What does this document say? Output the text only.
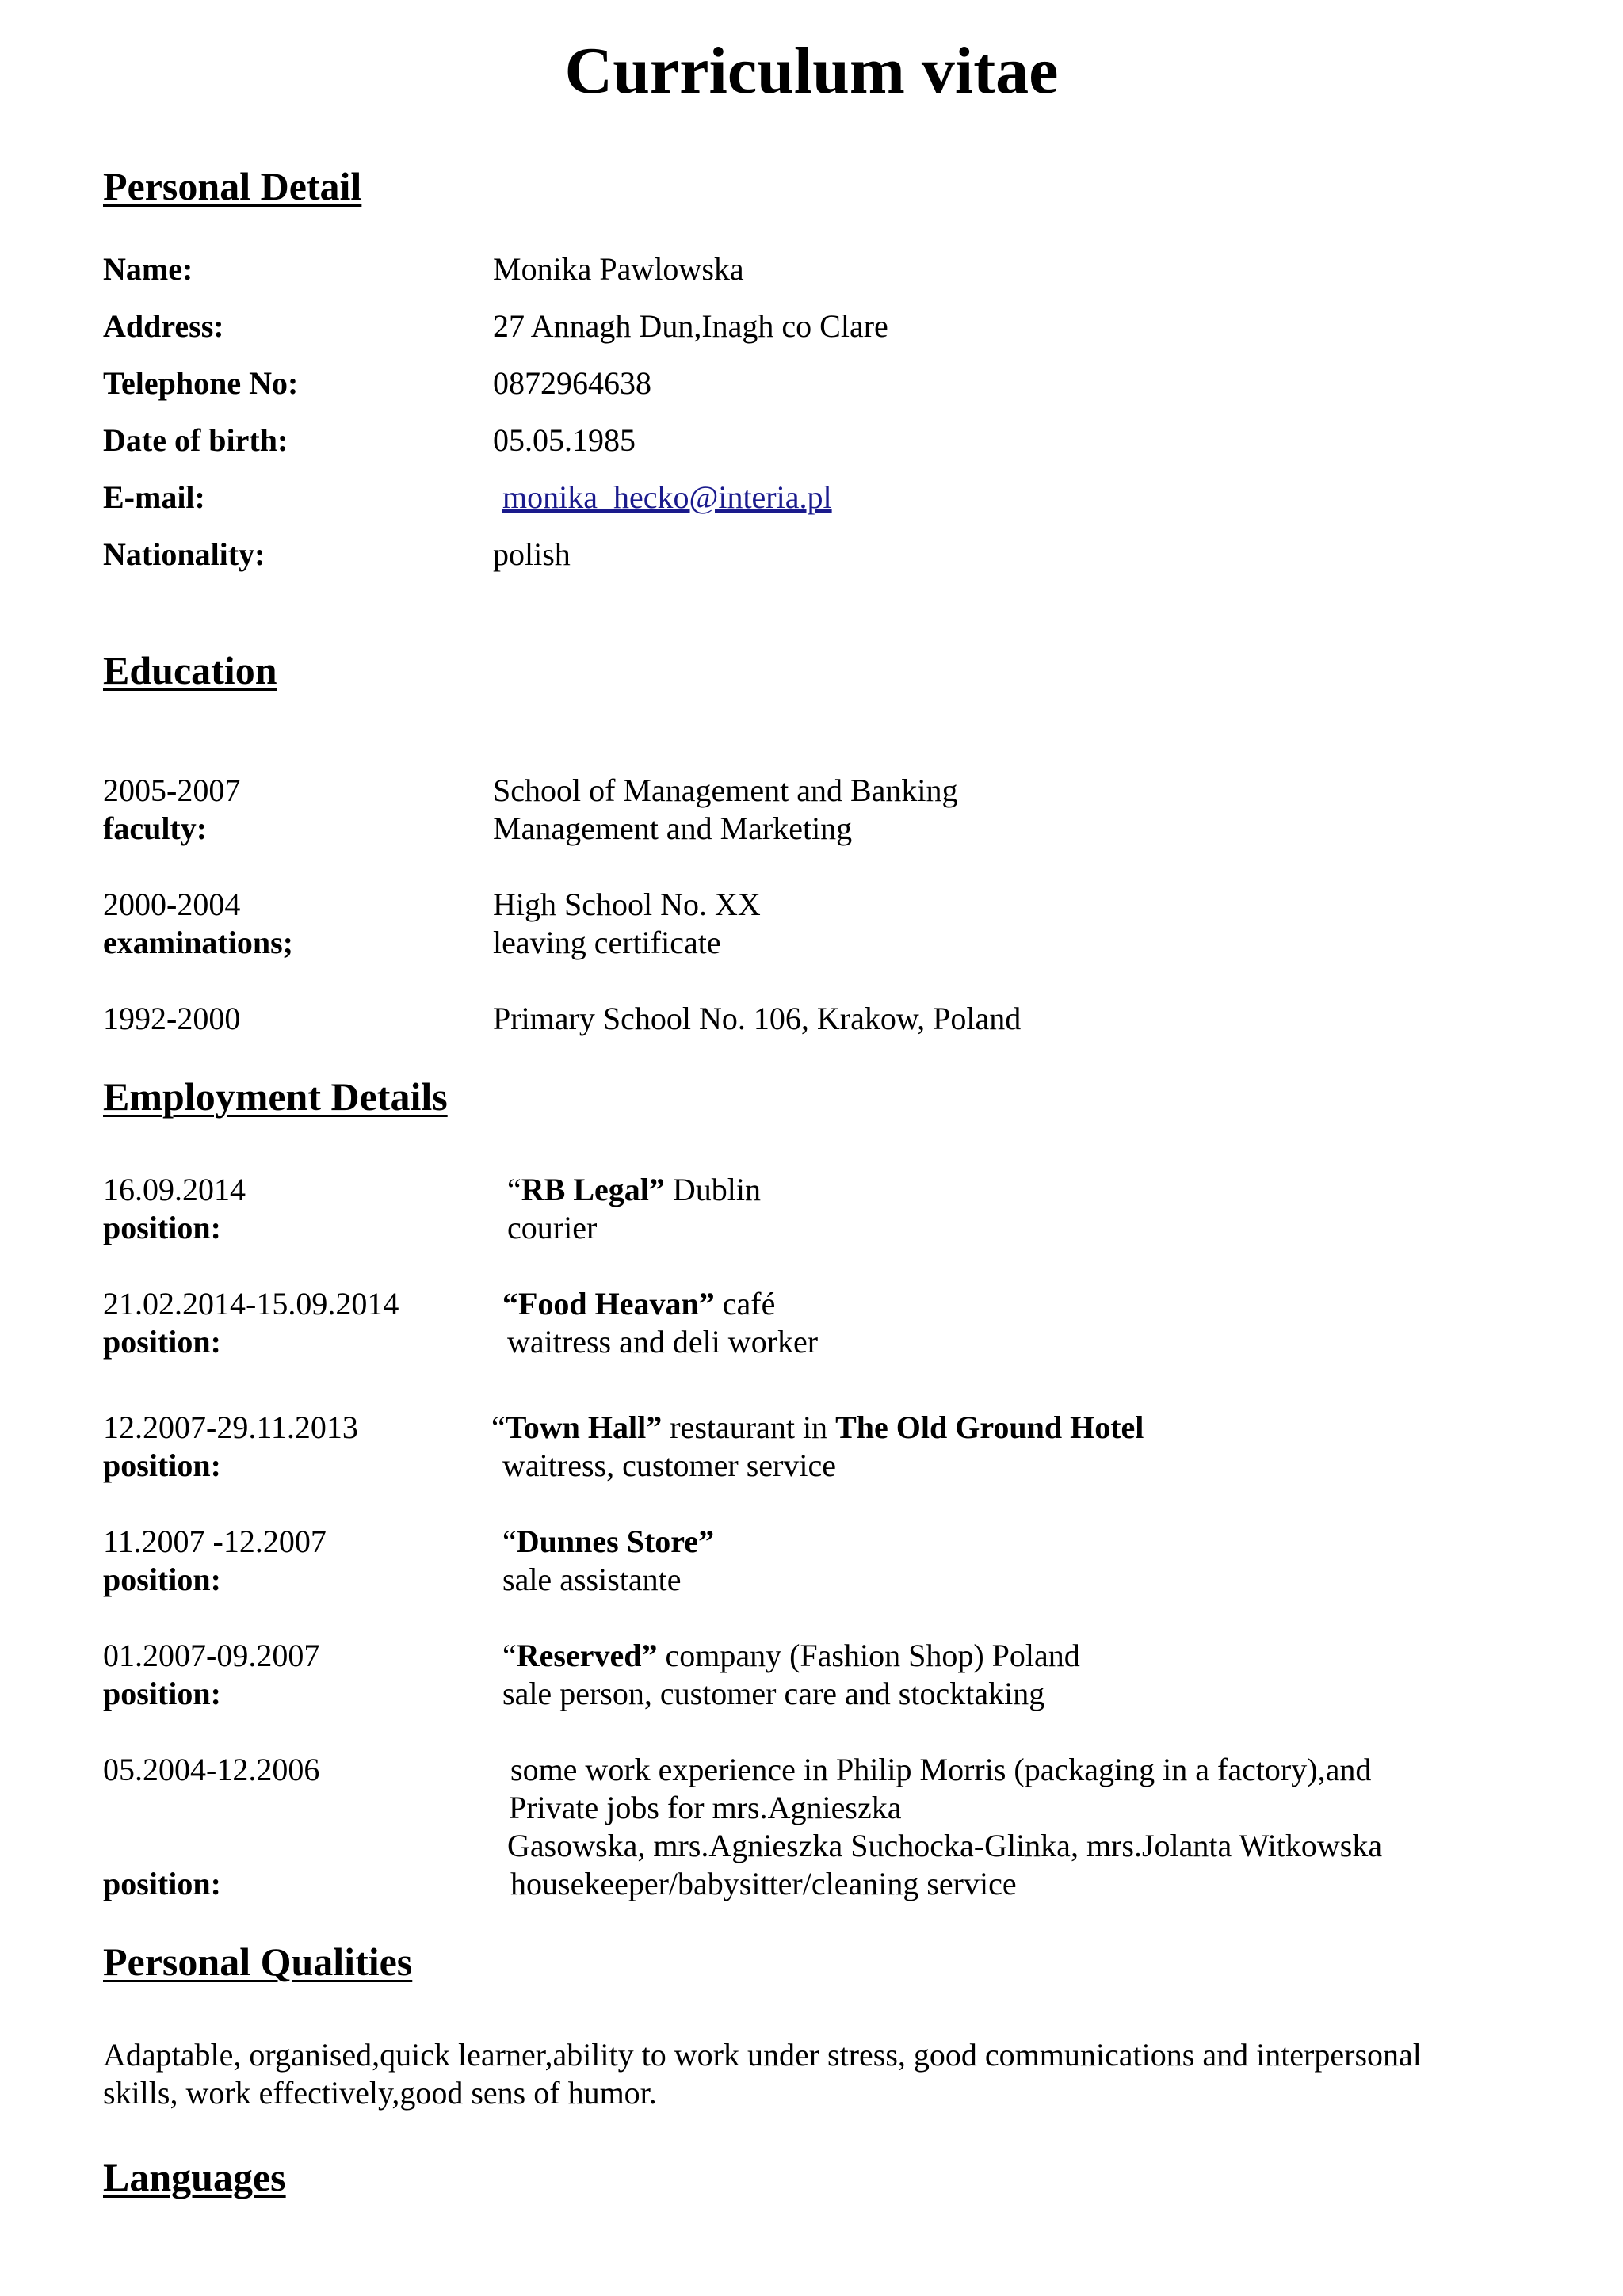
Curriculum vitae
Personal Detail
Name:	Monika Pawlowska
Address:	27 Annagh Dun,Inagh co Clare
Telephone No:	0872964638
Date of birth:	05.05.1985
E-mail:	monika_hecko@interia.pl
Nationality:	polish
Education
2005-2007	School of Management and Banking
faculty:	Management and Marketing
2000-2004	High School No. XX
examinations;	leaving certificate
1992-2000	Primary School No. 106, Krakow, Poland
Employment Details
16.09.2014	“RB Legal” Dublin
position:	courier
21.02.2014-15.09.2014	“Food Heavan” café
position:	waitress and deli worker
12.2007-29.11.2013	“Town Hall” restaurant in The Old Ground Hotel
position:	waitress, customer service
11.2007 -12.2007	“Dunnes Store”
position:	sale assistante
01.2007-09.2007	“Reserved” company (Fashion Shop) Poland
position:	sale person, customer care and stocktaking
05.2004-12.2006	some work experience in Philip Morris (packaging in a factory),and
Private jobs for mrs.Agnieszka
Gasowska, mrs.Agnieszka Suchocka-Glinka, mrs.Jolanta Witkowska
position:	housekeeper/babysitter/cleaning service
Personal Qualities
Adaptable, organised,quick learner,ability to work under stress, good communications and interpersonal
skills, work effectively,good sens of humor.
Languages
